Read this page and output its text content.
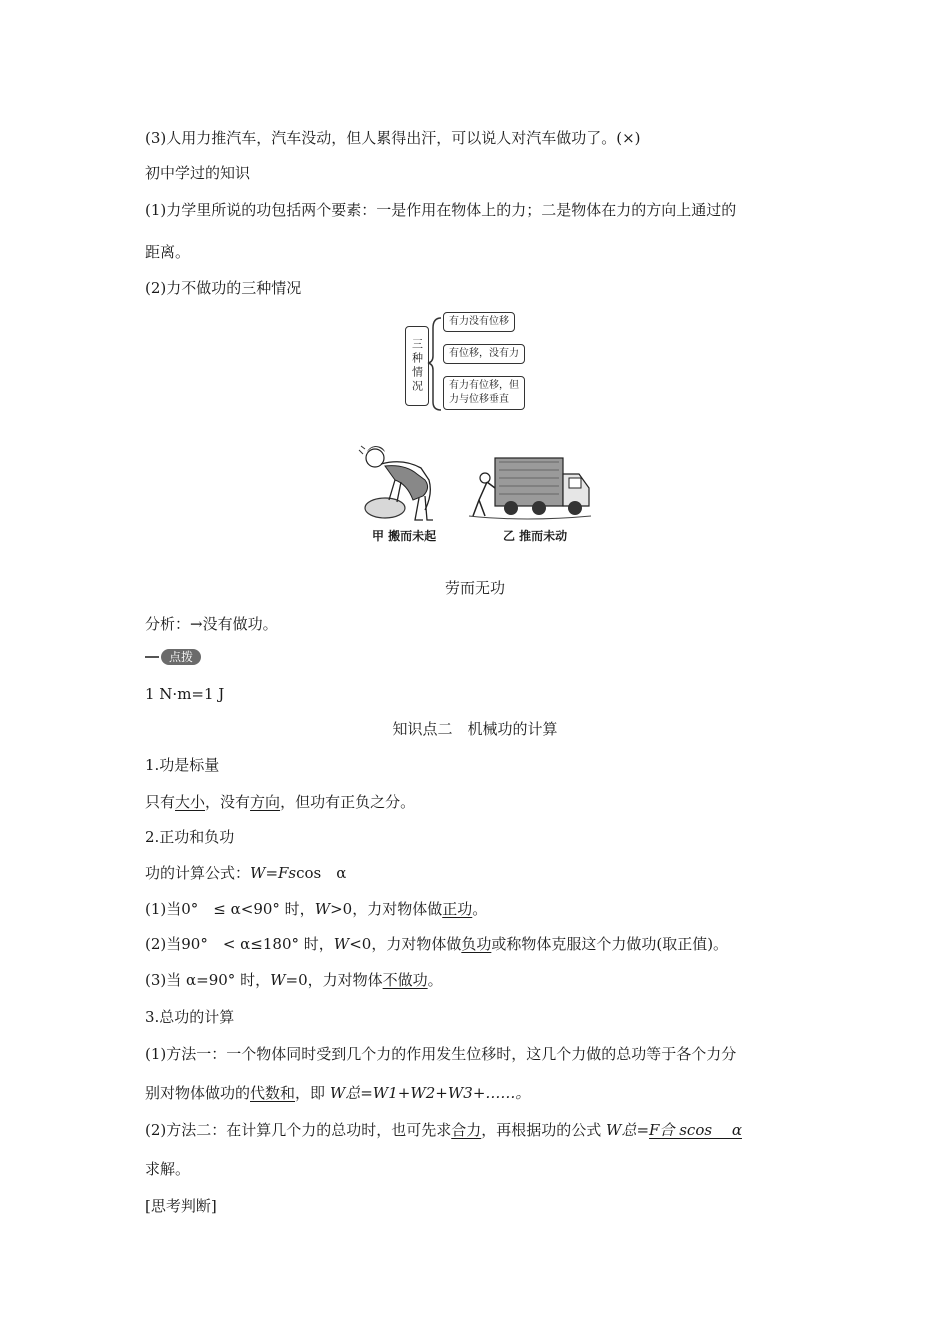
(3)人用力推汽车，汽车没动，但人累得出汗，可以说人对汽车做功了。(×)
初中学过的知识
(1)力学里所说的功包括两个要素：一是作用在物体上的力；二是物体在力的方向上通过的
距离。
(2)力不做功的三种情况
三种情况
有力没有位移
有位移，没有力
有力有位移，但
力与位移垂直
甲 搬而未起	乙 推而未动
劳而无功
分析：→没有做功。
点拨
1 N·m=1 J
知识点二　机械功的计算
1.功是标量
只有大小，没有方向，但功有正负之分。
2.正功和负功
功的计算公式：W=Fscos　α
(1)当0°　≤ α<90° 时，W>0，力对物体做正功。
(2)当90°　< α≤180° 时，W<0，力对物体做负功或称物体克服这个力做功(取正值)。
(3)当 α=90° 时，W=0，力对物体不做功。
3.总功的计算
(1)方法一：一个物体同时受到几个力的作用发生位移时，这几个力做的总功等于各个力分
别对物体做功的代数和，即 W总=W1+W2+W3+……。
(2)方法二：在计算几个力的总功时，也可先求合力，再根据功的公式 W总=F合 scos　 α
求解。
[思考判断]
